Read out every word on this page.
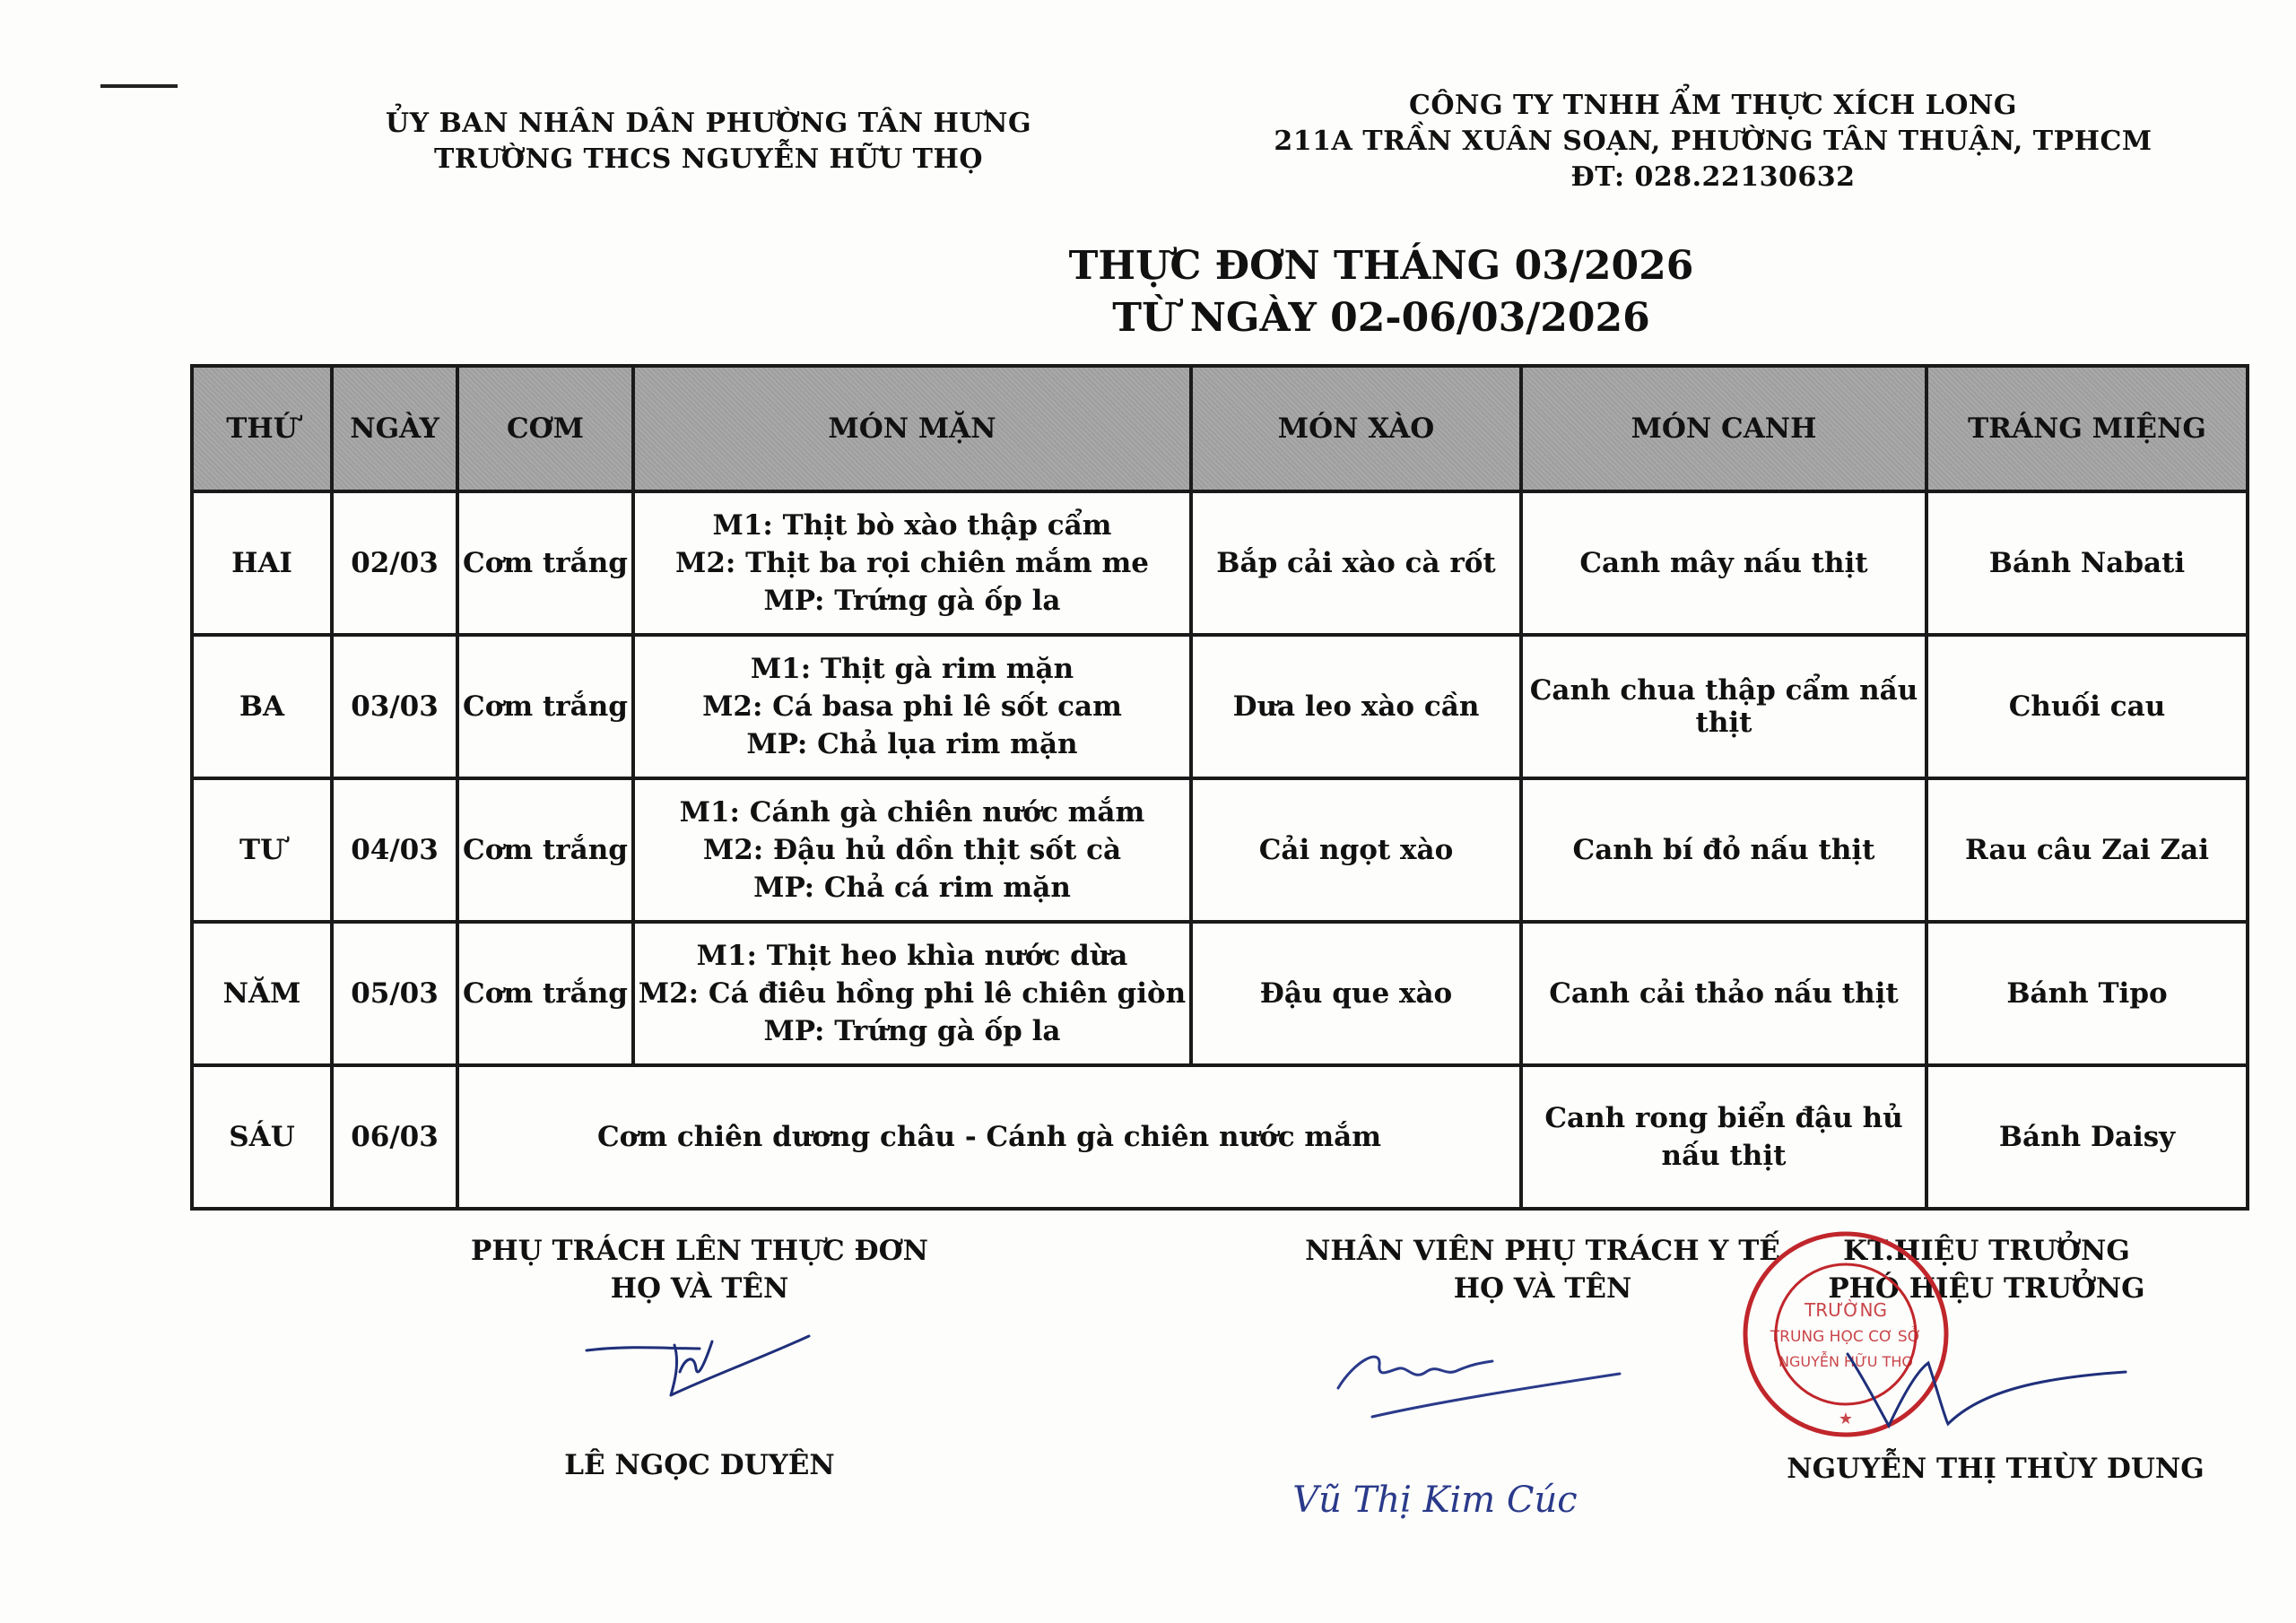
ỦY BAN NHÂN DÂN PHƯỜNG TÂN HƯNG
TRƯỜNG THCS NGUYỄN HỮU THỌ
CÔNG TY TNHH ẨM THỰC XÍCH LONG
211A TRẦN XUÂN SOẠN, PHƯỜNG TÂN THUẬN, TPHCM
ĐT: 028.22130632
THỰC ĐƠN THÁNG 03/2026
TỪ NGÀY 02-06/03/2026
THỨ	NGÀY	CƠM	MÓN MẶN	MÓN XÀO	MÓN CANH	TRÁNG MIỆNG
HAI	02/03	Cơm trắng	M1: Thịt bò xào thập cẩm
M2: Thịt ba rọi chiên mắm me
MP: Trứng gà ốp la	Bắp cải xào cà rốt	Canh mây nấu thịt	Bánh Nabati
BA	03/03	Cơm trắng	M1: Thịt gà rim mặn
M2: Cá basa phi lê sốt cam
MP: Chả lụa rim mặn	Dưa leo xào cần	Canh chua thập cẩm nấu thịt	Chuối cau
TƯ	04/03	Cơm trắng	M1: Cánh gà chiên nước mắm
M2: Đậu hủ dồn thịt sốt cà
MP: Chả cá rim mặn	Cải ngọt xào	Canh bí đỏ nấu thịt	Rau câu Zai Zai
NĂM	05/03	Cơm trắng	M1: Thịt heo khìa nước dừa
M2: Cá điêu hồng phi lê chiên giòn
MP: Trứng gà ốp la	Đậu que xào	Canh cải thảo nấu thịt	Bánh Tipo
SÁU	06/03	Cơm chiên dương châu - Cánh gà chiên nước mắm			Canh rong biển đậu hủ nấu thịt	Bánh Daisy
PHỤ TRÁCH LÊN THỰC ĐƠN
HỌ VÀ TÊN
LÊ NGỌC DUYÊN
NHÂN VIÊN PHỤ TRÁCH Y TẾ
HỌ VÀ TÊN
Vũ Thị Kim Cúc
KT.HIỆU TRƯỞNG
PHÓ HIỆU TRƯỞNG
TRƯỜNG
TRUNG HỌC CƠ SỞ
NGUYỄN HỮU THỌ
★
NGUYỄN THỊ THÙY DUNG
